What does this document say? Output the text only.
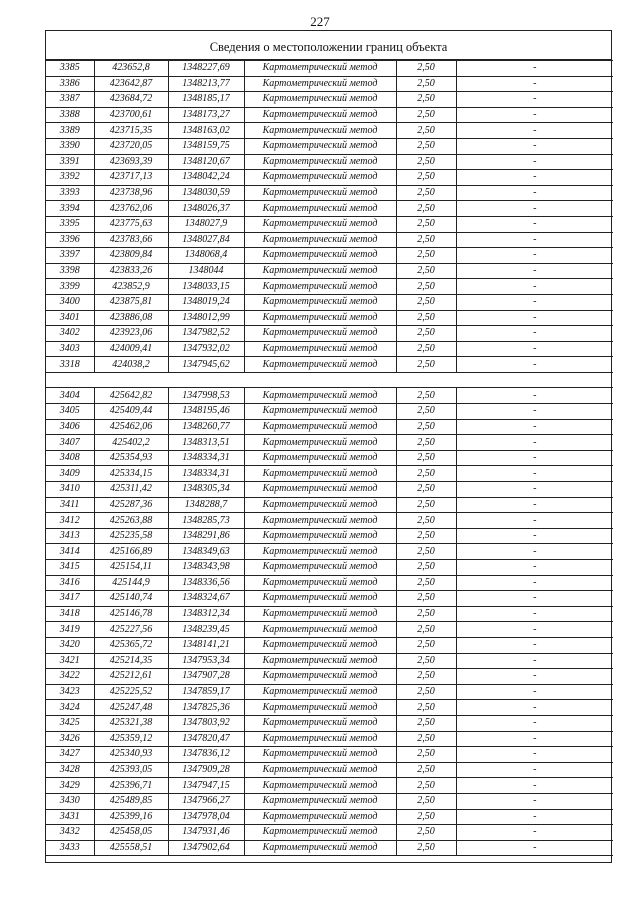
227
Сведения о местоположении границ объекта
3385	423652,8	1348227,69	Картометрический метод	2,50	-
3386	423642,87	1348213,77	Картометрический метод	2,50	-
3387	423684,72	1348185,17	Картометрический метод	2,50	-
3388	423700,61	1348173,27	Картометрический метод	2,50	-
3389	423715,35	1348163,02	Картометрический метод	2,50	-
3390	423720,05	1348159,75	Картометрический метод	2,50	-
3391	423693,39	1348120,67	Картометрический метод	2,50	-
3392	423717,13	1348042,24	Картометрический метод	2,50	-
3393	423738,96	1348030,59	Картометрический метод	2,50	-
3394	423762,06	1348026,37	Картометрический метод	2,50	-
3395	423775,63	1348027,9	Картометрический метод	2,50	-
3396	423783,66	1348027,84	Картометрический метод	2,50	-
3397	423809,84	1348068,4	Картометрический метод	2,50	-
3398	423833,26	1348044	Картометрический метод	2,50	-
3399	423852,9	1348033,15	Картометрический метод	2,50	-
3400	423875,81	1348019,24	Картометрический метод	2,50	-
3401	423886,08	1348012,99	Картометрический метод	2,50	-
3402	423923,06	1347982,52	Картометрический метод	2,50	-
3403	424009,41	1347932,02	Картометрический метод	2,50	-
3318	424038,2	1347945,62	Картометрический метод	2,50	-

3404	425642,82	1347998,53	Картометрический метод	2,50	-
3405	425409,44	1348195,46	Картометрический метод	2,50	-
3406	425462,06	1348260,77	Картометрический метод	2,50	-
3407	425402,2	1348313,51	Картометрический метод	2,50	-
3408	425354,93	1348334,31	Картометрический метод	2,50	-
3409	425334,15	1348334,31	Картометрический метод	2,50	-
3410	425311,42	1348305,34	Картометрический метод	2,50	-
3411	425287,36	1348288,7	Картометрический метод	2,50	-
3412	425263,88	1348285,73	Картометрический метод	2,50	-
3413	425235,58	1348291,86	Картометрический метод	2,50	-
3414	425166,89	1348349,63	Картометрический метод	2,50	-
3415	425154,11	1348343,98	Картометрический метод	2,50	-
3416	425144,9	1348336,56	Картометрический метод	2,50	-
3417	425140,74	1348324,67	Картометрический метод	2,50	-
3418	425146,78	1348312,34	Картометрический метод	2,50	-
3419	425227,56	1348239,45	Картометрический метод	2,50	-
3420	425365,72	1348141,21	Картометрический метод	2,50	-
3421	425214,35	1347953,34	Картометрический метод	2,50	-
3422	425212,61	1347907,28	Картометрический метод	2,50	-
3423	425225,52	1347859,17	Картометрический метод	2,50	-
3424	425247,48	1347825,36	Картометрический метод	2,50	-
3425	425321,38	1347803,92	Картометрический метод	2,50	-
3426	425359,12	1347820,47	Картометрический метод	2,50	-
3427	425340,93	1347836,12	Картометрический метод	2,50	-
3428	425393,05	1347909,28	Картометрический метод	2,50	-
3429	425396,71	1347947,15	Картометрический метод	2,50	-
3430	425489,85	1347966,27	Картометрический метод	2,50	-
3431	425399,16	1347978,04	Картометрический метод	2,50	-
3432	425458,05	1347931,46	Картометрический метод	2,50	-
3433	425558,51	1347902,64	Картометрический метод	2,50	-
